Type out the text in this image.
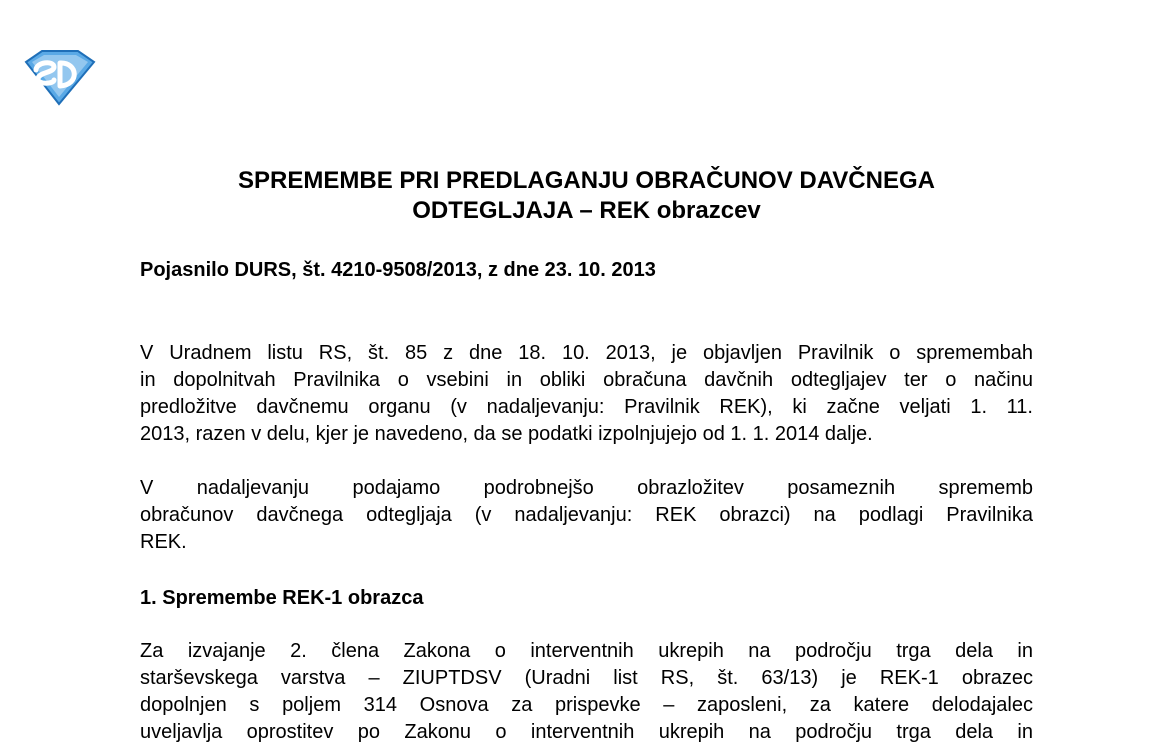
SPREMEMBE PRI PREDLAGANJU OBRAČUNOV DAVČNEGA
ODTEGLJAJA – REK obrazcev

Pojasnilo DURS, št. 4210-9508/2013, z dne 23. 10. 2013

V Uradnem listu RS, št. 85 z dne 18. 10. 2013, je objavljen Pravilnik o spremembah
in dopolnitvah Pravilnika o vsebini in obliki obračuna davčnih odtegljajev ter o načinu
predložitve davčnemu organu (v nadaljevanju: Pravilnik REK), ki začne veljati 1. 11.
2013, razen v delu, kjer je navedeno, da se podatki izpolnjujejo od 1. 1. 2014 dalje.
V nadaljevanju podajamo podrobnejšo obrazložitev posameznih sprememb
obračunov davčnega odtegljaja (v nadaljevanju: REK obrazci) na podlagi Pravilnika
REK.
1. Spremembe REK-1 obrazca
Za izvajanje 2. člena Zakona o interventnih ukrepih na področju trga dela in
starševskega varstva – ZIUPTDSV (Uradni list RS, št. 63/13) je REK-1 obrazec
dopolnjen s poljem 314 Osnova za prispevke – zaposleni, za katere delodajalec
uveljavlja oprostitev po Zakonu o interventnih ukrepih na področju trga dela in
